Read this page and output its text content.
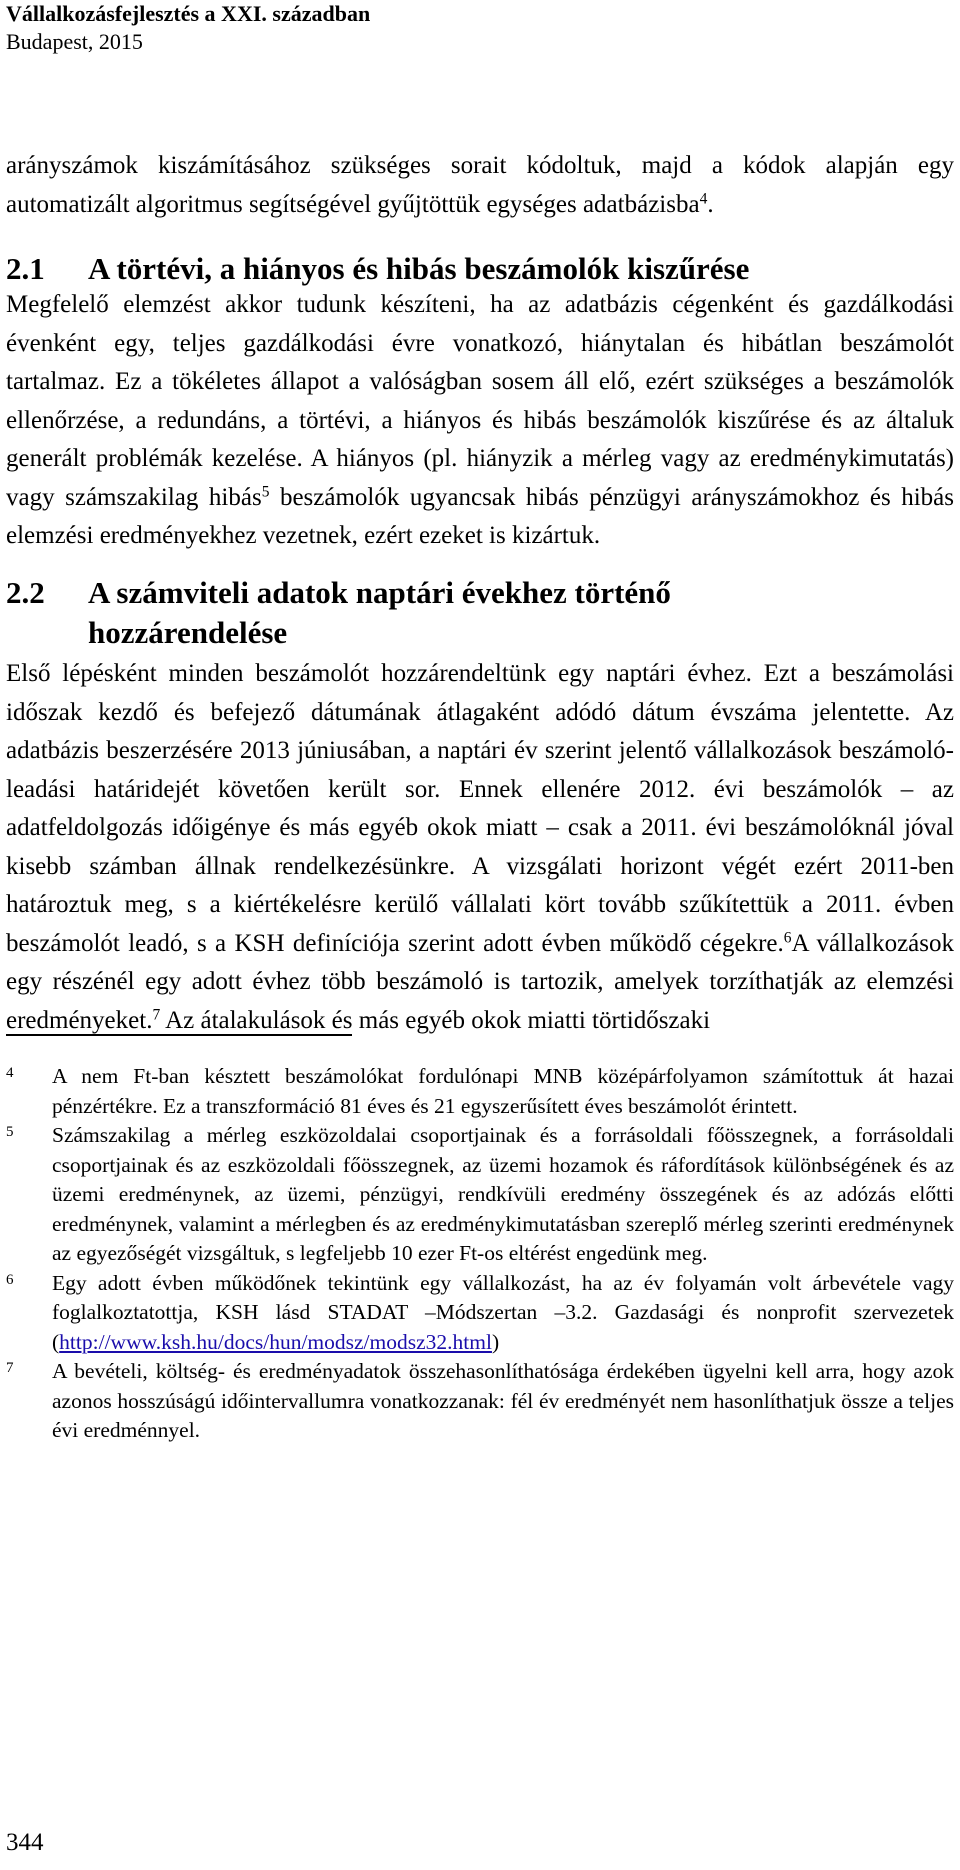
Vállalkozásfejlesztés a XXI. században
Budapest, 2015

arányszámok kiszámításához szükséges sorait kódoltuk, majd a kódok alapján egy automatizált algoritmus segítségével gyűjtöttük egységes adatbázisba$^4$.

2.1 A törtévi, a hiányos és hibás beszámolók kiszűrése

Megfelelő elemzést akkor tudunk készíteni, ha az adatbázis cégenként és gazdálkodási évenként egy, teljes gazdálkodási évre vonatkozó, hiánytalan és hibátlan beszámolót tartalmaz. Ez a tökéletes állapot a valóságban sosem áll elő, ezért szükséges a beszámolók ellenőrzése, a redundáns, a törtévi, a hiányos és hibás beszámolók kiszűrése és az általuk generált problémák kezelése. A hiányos (pl. hiányzik a mérleg vagy az eredménykimutatás) vagy számszakilag hibás$^5$ beszámolók ugyancsak hibás pénzügyi arányszámokhoz és hibás elemzési eredményekhez vezetnek, ezért ezeket is kizártuk.

2.2 A számviteli adatok naptári évekhez történő
hozzárendelése

Első lépésként minden beszámolót hozzárendeltünk egy naptári évhez. Ezt a beszámolási időszak kezdő és befejező dátumának átlagaként adódó dátum évszáma jelentette. Az adatbázis beszerzésére 2013 júniusában, a naptári év szerint jelentő vállalkozások beszámoló-leadási határidejét követően került sor. Ennek ellenére 2012. évi beszámolók – az adatfeldolgozás időigénye és más egyéb okok miatt – csak a 2011. évi beszámolóknál jóval kisebb számban állnak rendelkezésünkre. A vizsgálati horizont végét ezért 2011-ben határoztuk meg, s a kiértékelésre kerülő vállalati kört tovább szűkítettük a 2011. évben beszámolót leadó, s a KSH definíciója szerint adott évben működő cégekre.$^6$A vállalkozások egy részénél egy adott évhez több beszámoló is tartozik, amelyek torzíthatják az elemzési eredményeket.$^7$ Az átalakulások és más egyéb okok miatti törtidőszaki

4 A nem Ft-ban késztett beszámolókat fordulónapi MNB középárfolyamon számítottuk át hazai pénzértékre. Ez a transzformáció 81 éves és 21 egyszerűsített éves beszámolót érintett.
5 Számszakilag a mérleg eszközoldalai csoportjainak és a forrásoldali főösszegnek, a forrásoldali csoportjainak és az eszközoldali főösszegnek, az üzemi hozamok és ráfordítások különbségének és az üzemi eredménynek, az üzemi, pénzügyi, rendkívüli eredmény összegének és az adózás előtti eredménynek, valamint a mérlegben és az eredménykimutatásban szereplő mérleg szerinti eredménynek az egyezőségét vizsgáltuk, s legfeljebb 10 ezer Ft-os eltérést engedünk meg.
6 Egy adott évben működőnek tekintünk egy vállalkozást, ha az év folyamán volt árbevétele vagy foglalkoztatottja, KSH lásd STADAT –Módszertan –3.2. Gazdasági és nonprofit szervezetek (http://www.ksh.hu/docs/hun/modsz/modsz32.html)
7 A bevételi, költség- és eredményadatok összehasonlíthatósága érdekében ügyelni kell arra, hogy azok azonos hosszúságú időintervallumra vonatkozzanak: fél év eredményét nem hasonlíthatjuk össze a teljes évi eredménnyel.
344
